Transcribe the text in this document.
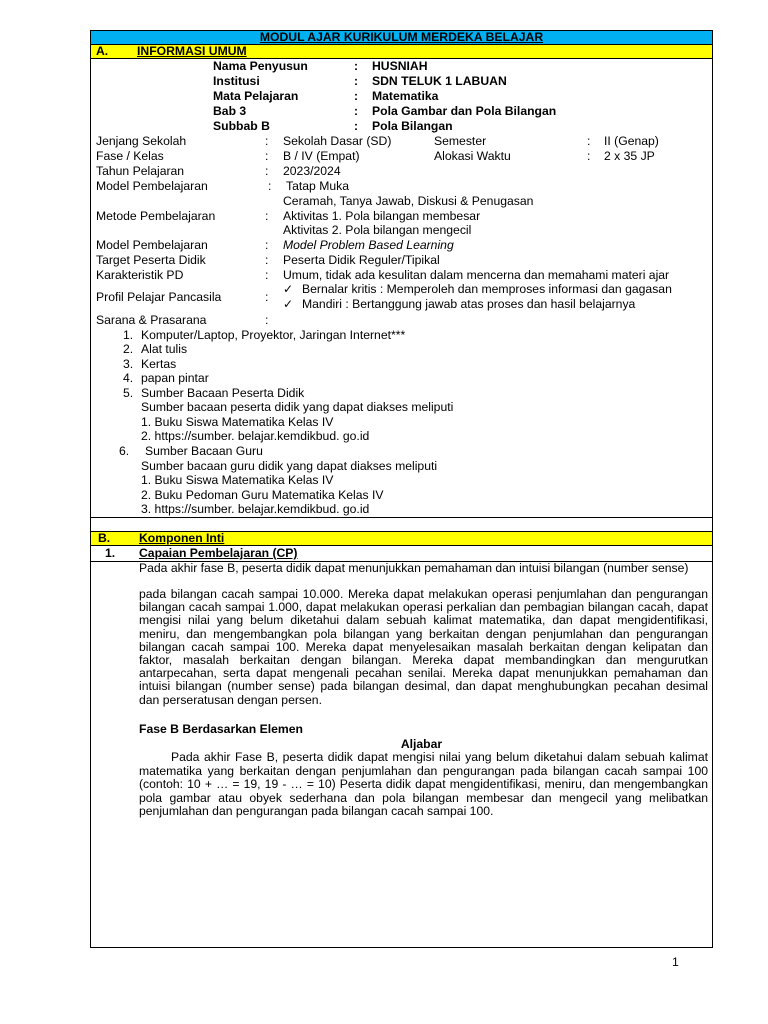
MODUL AJAR KURIKULUM MERDEKA BELAJAR
A. INFORMASI UMUM
Nama Penyusun	: HUSNIAH
Institusi	: SDN TELUK 1 LABUAN
Mata Pelajaran	: Matematika
Bab 3	: Pola Gambar dan Pola Bilangan
Subbab B	: Pola Bilangan
Jenjang Sekolah	: Sekolah Dasar (SD)	Semester	: II (Genap)
Fase / Kelas	: B / IV (Empat)	Alokasi Waktu	: 2 x 35 JP
Tahun Pelajaran	: 2023/2024
Model Pembelajaran	: Tatap Muka
Ceramah, Tanya Jawab, Diskusi & Penugasan
Metode Pembelajaran	: Aktivitas 1. Pola bilangan membesar
Aktivitas 2. Pola bilangan mengecil
Model Pembelajaran	: Model Problem Based Learning
Target Peserta Didik	: Peserta Didik Reguler/Tipikal
Karakteristik PD	: Umum, tidak ada kesulitan dalam mencerna dan memahami materi ajar
✓ Bernalar kritis : Memperoleh dan memproses informasi dan gagasan
Profil Pelajar Pancasila	: ✓ Mandiri : Bertanggung jawab atas proses dan hasil belajarnya
Sarana & Prasarana	:
1. Komputer/Laptop, Proyektor, Jaringan Internet***
2. Alat tulis
3. Kertas
4. papan pintar
5. Sumber Bacaan Peserta Didik
Sumber bacaan peserta didik yang dapat diakses meliputi
1. Buku Siswa Matematika Kelas IV
2. https://sumber. belajar.kemdikbud. go.id
6. Sumber Bacaan Guru
Sumber bacaan guru didik yang dapat diakses meliputi
1. Buku Siswa Matematika Kelas IV
2. Buku Pedoman Guru Matematika Kelas IV
3. https://sumber. belajar.kemdikbud. go.id
B. Komponen Inti
1. Capaian Pembelajaran (CP)

Pada akhir fase B, peserta didik dapat menunjukkan pemahaman dan intuisi bilangan (number sense)

pada bilangan cacah sampai 10.000. Mereka dapat melakukan operasi penjumlahan dan pengurangan bilangan cacah sampai 1.000, dapat melakukan operasi perkalian dan pembagian bilangan cacah, dapat mengisi nilai yang belum diketahui dalam sebuah kalimat matematika, dan dapat mengidentifikasi, meniru, dan mengembangkan pola bilangan yang berkaitan dengan penjumlahan dan pengurangan bilangan cacah sampai 100. Mereka dapat menyelesaikan masalah berkaitan dengan kelipatan dan faktor, masalah berkaitan dengan bilangan. Mereka dapat membandingkan dan mengurutkan antarpecahan, serta dapat mengenali pecahan senilai. Mereka dapat menunjukkan pemahaman dan intuisi bilangan (number sense) pada bilangan desimal, dan dapat menghubungkan pecahan desimal dan perseratusan dengan persen.

Fase B Berdasarkan Elemen
Aljabar
Pada akhir Fase B, peserta didik dapat mengisi nilai yang belum diketahui dalam sebuah kalimat matematika yang berkaitan dengan penjumlahan dan pengurangan pada bilangan cacah sampai 100 (contoh: 10 + … = 19, 19 - … = 10) Peserta didik dapat mengidentifikasi, meniru, dan mengembangkan pola gambar atau obyek sederhana dan pola bilangan membesar dan mengecil yang melibatkan penjumlahan dan pengurangan pada bilangan cacah sampai 100.
1
